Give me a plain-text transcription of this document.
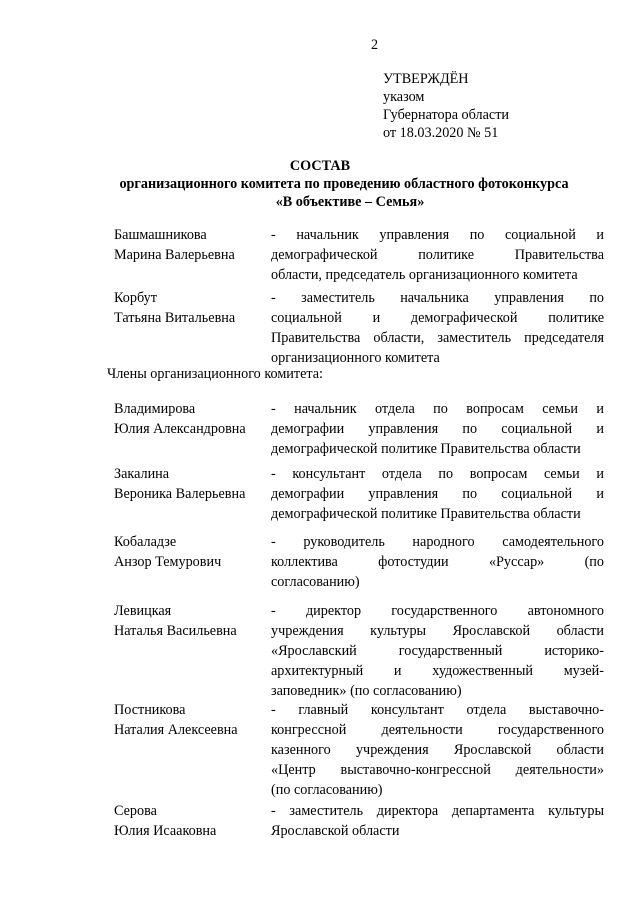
2
УТВЕРЖДЁН
указом
Губернатора области
от 18.03.2020 № 51
СОСТАВ
организационного комитета по проведению областного фотоконкурса
«В объективе – Семья»
Башмашникова
Марина Валерьевна
- начальник управления по социальной и
демографической политике Правительства
области, председатель организационного комитета
Корбут
Татьяна Витальевна
- заместитель начальника управления по
социальной и демографической политике
Правительства области, заместитель председателя
организационного комитета
Члены организационного комитета:
Владимирова
Юлия Александровна
- начальник отдела по вопросам семьи и
демографии управления по социальной и
демографической политике Правительства области
Закалина
Вероника Валерьевна
- консультант отдела по вопросам семьи и
демографии управления по социальной и
демографической политике Правительства области
Кобаладзе
Анзор Темурович
- руководитель народного самодеятельного
коллектива фотостудии «Руссар» (по
согласованию)
Левицкая
Наталья Васильевна
- директор государственного автономного
учреждения культуры Ярославской области
«Ярославский государственный историко-
архитектурный и художественный музей-
заповедник» (по согласованию)
Постникова
Наталия Алексеевна
- главный консультант отдела выставочно-
конгрессной деятельности государственного
казенного учреждения Ярославской области
«Центр выставочно-конгрессной деятельности»
(по согласованию)
Серова
Юлия Исааковна
- заместитель директора департамента культуры
Ярославской области
